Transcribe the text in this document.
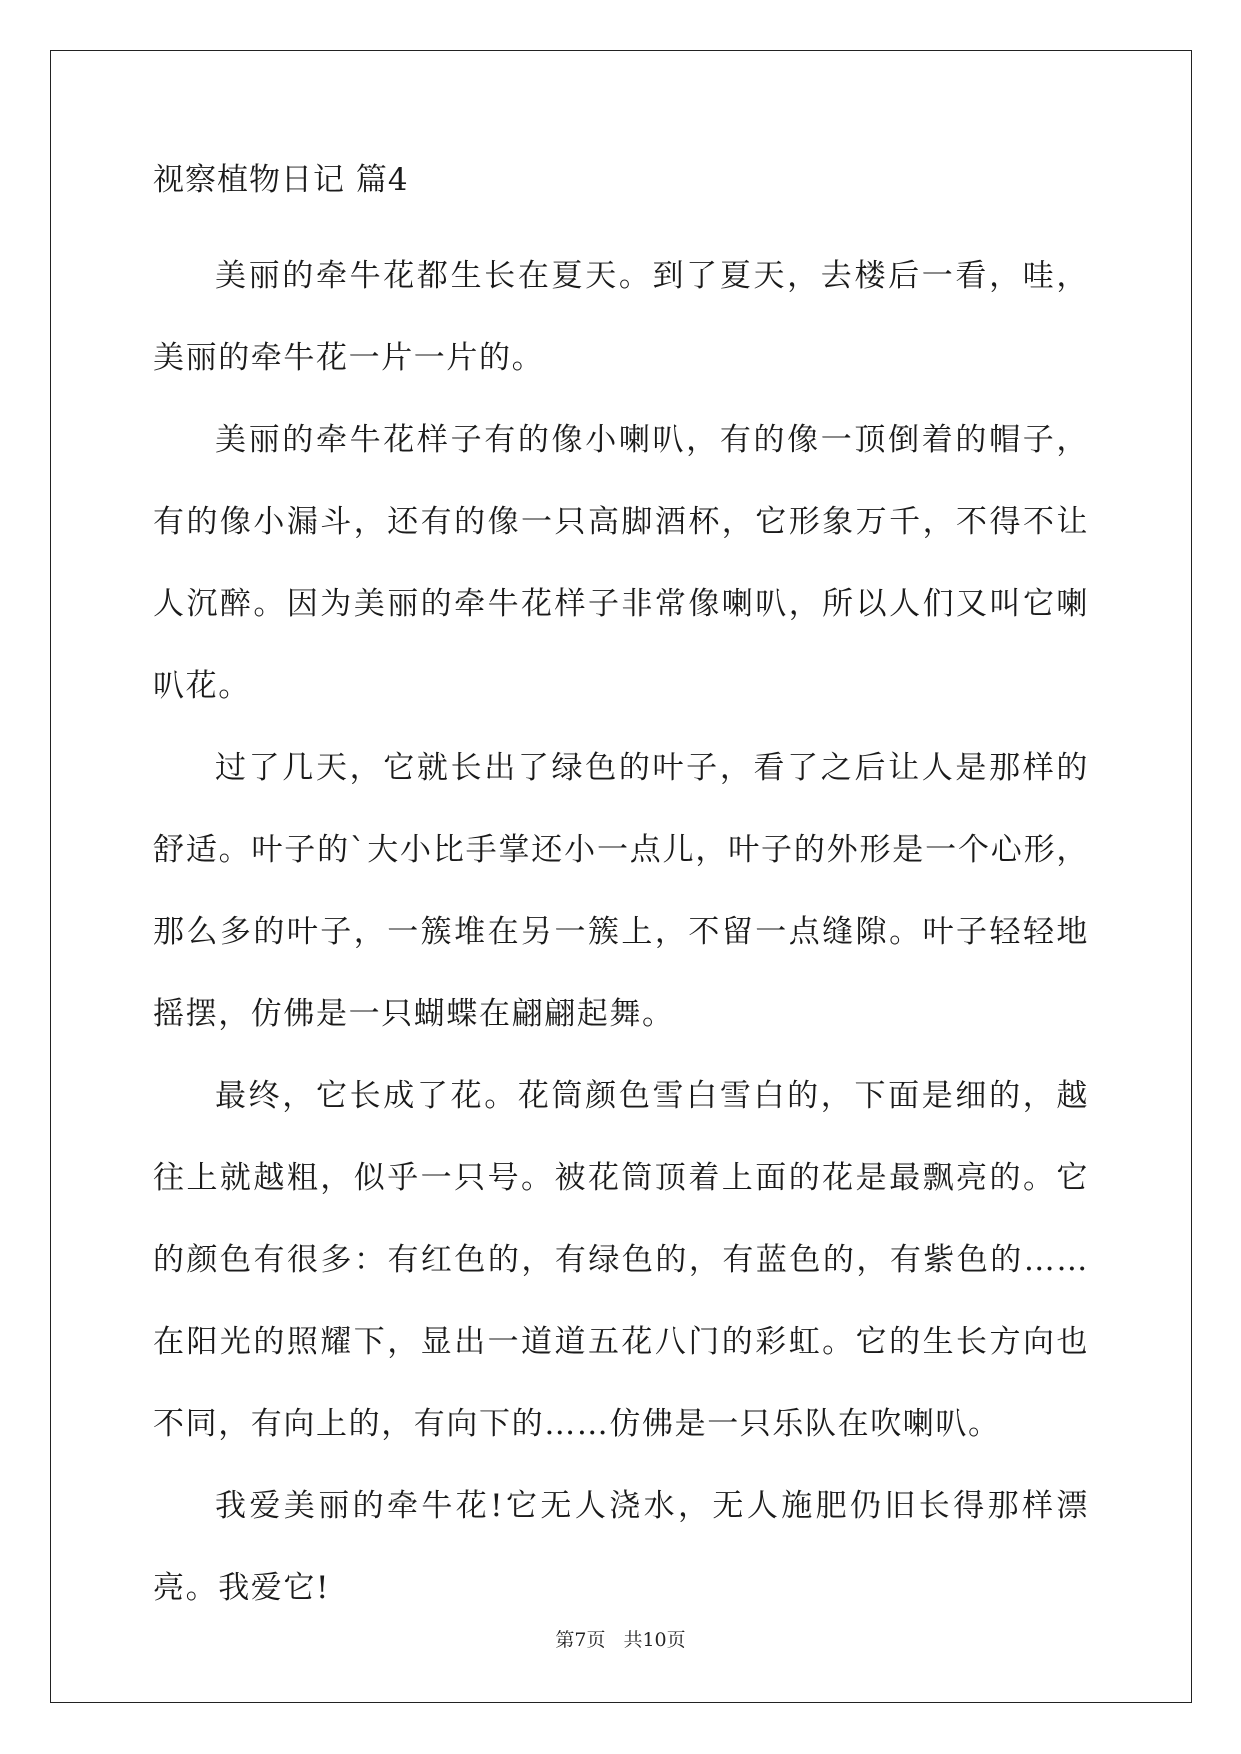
视察植物日记 篇4

美丽的牵牛花都生长在夏天。到了夏天，去楼后一看，哇，美丽的牵牛花一片一片的。

美丽的牵牛花样子有的像小喇叭，有的像一顶倒着的帽子，有的像小漏斗，还有的像一只高脚酒杯，它形象万千，不得不让人沉醉。因为美丽的牵牛花样子非常像喇叭，所以人们又叫它喇叭花。

过了几天，它就长出了绿色的叶子，看了之后让人是那样的舒适。叶子的`大小比手掌还小一点儿，叶子的外形是一个心形，那么多的叶子，一簇堆在另一簇上，不留一点缝隙。叶子轻轻地摇摆，仿佛是一只蝴蝶在翩翩起舞。

最终，它长成了花。花筒颜色雪白雪白的，下面是细的，越往上就越粗，似乎一只号。被花筒顶着上面的花是最飘亮的。它的颜色有很多：有红色的，有绿色的，有蓝色的，有紫色的……在阳光的照耀下，显出一道道五花八门的彩虹。它的生长方向也不同，有向上的，有向下的……仿佛是一只乐队在吹喇叭。

我爱美丽的牵牛花!它无人浇水，无人施肥仍旧长得那样漂亮。我爱它!

第7页 共10页
